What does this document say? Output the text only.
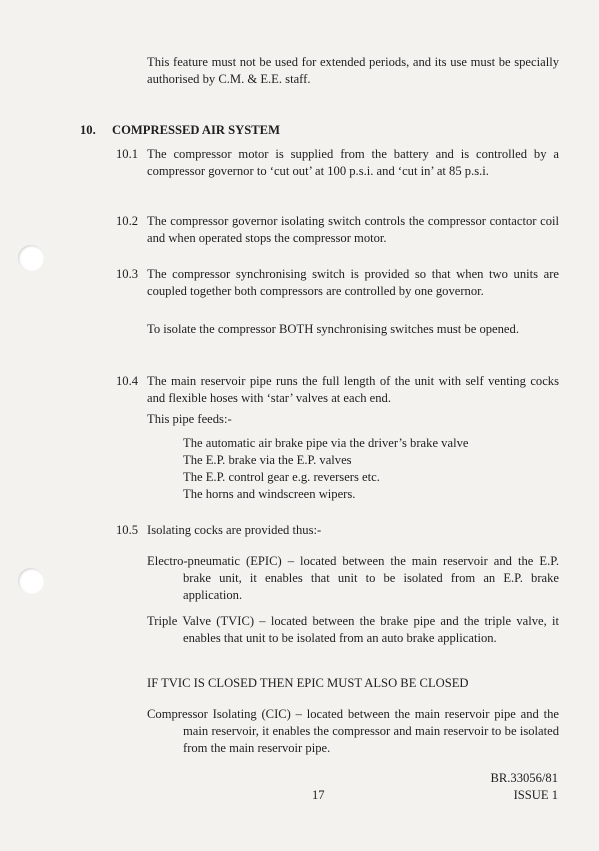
This feature must not be used for extended periods, and its use must be specially authorised by C.M. & E.E. staff.

10. COMPRESSED AIR SYSTEM
10.1 The compressor motor is supplied from the battery and is controlled by a compressor governor to ‘cut out’ at 100 p.s.i. and ‘cut in’ at 85 p.s.i.

10.2 The compressor governor isolating switch controls the compressor contactor coil and when operated stops the compressor motor.

10.3 The compressor synchronising switch is provided so that when two units are coupled together both compressors are controlled by one governor.

To isolate the compressor BOTH synchronising switches must be opened.

10.4 The main reservoir pipe runs the full length of the unit with self venting cocks and flexible hoses with ‘star’ valves at each end.

This pipe feeds:-
The automatic air brake pipe via the driver’s brake valve
The E.P. brake via the E.P. valves
The E.P. control gear e.g. reversers etc.
The horns and windscreen wipers.
10.5 Isolating cocks are provided thus:-

Electro-pneumatic (EPIC) – located between the main reservoir and the E.P. brake unit, it enables that unit to be isolated from an E.P. brake application.

Triple Valve (TVIC) – located between the brake pipe and the triple valve, it enables that unit to be isolated from an auto brake application.

IF TVIC IS CLOSED THEN EPIC MUST ALSO BE CLOSED

Compressor Isolating (CIC) – located between the main reservoir pipe and the main reservoir, it enables the compressor and main reservoir to be isolated from the main reservoir pipe.

BR.33056/81
17	ISSUE 1
